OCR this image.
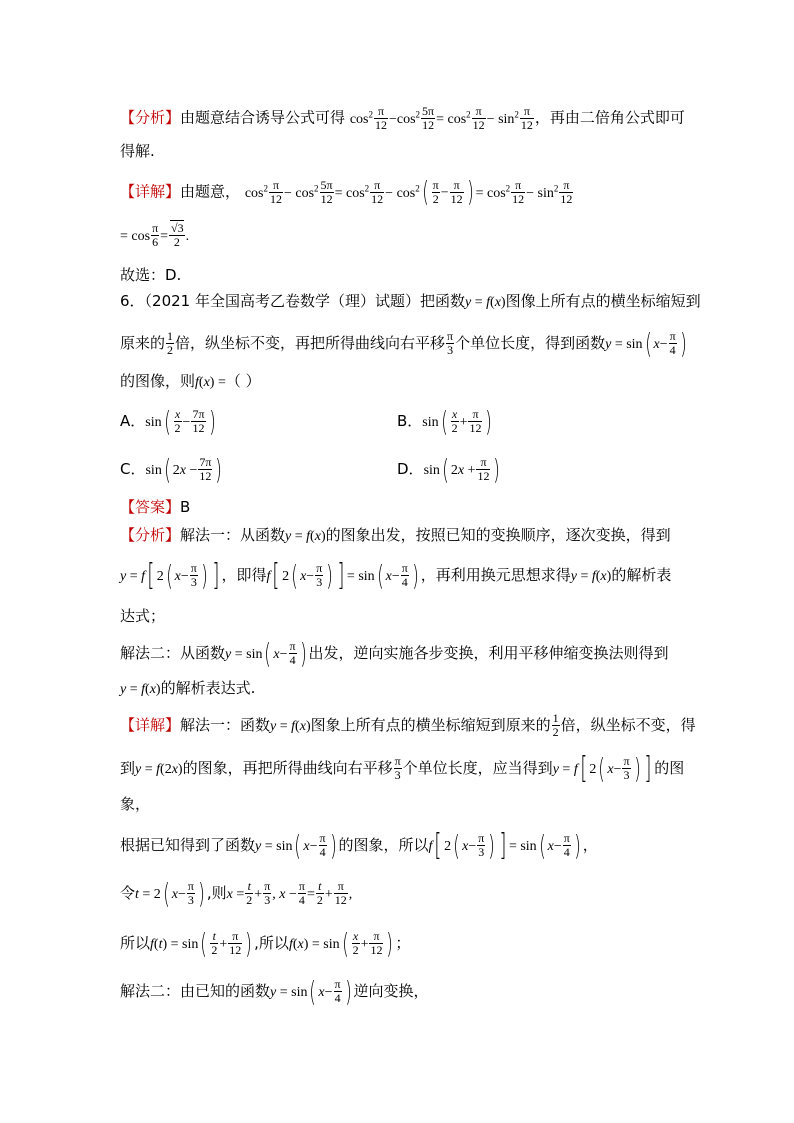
【分析】由题意结合诱导公式可得 $\cos^2 \frac{\pi}{12} -\cos^2 \frac{5\pi}{12} = \cos^2 \frac{\pi}{12} - \sin^2 \frac{\pi}{12}$ ，再由二倍角公式即可
得解.
【详解】由题意， $\cos^2 \frac{\pi}{12} - \cos^2 \frac{5\pi}{12} = \cos^2 \frac{\pi}{12} - \cos^2( \frac{\pi}{2} - \frac{\pi}{12}$ ) = $\cos^2 \frac{\pi}{12} - \sin^2 \frac{\pi}{12}$
= $\cos \frac{\pi}{6} = \frac{√3}{2}$ .
故选：D.
6．（2021 年全国高考乙卷数学（理）试题）把函数y = f(x)图像上所有点的横坐标缩短到
原来的 $\frac{1}{2}$ 倍，纵坐标不变，再把所得曲线向右平移 $\frac{\pi}{3}$ 个单位长度，得到函数y = sin( $x- \frac{\pi}{4}$ )
的图像，则f(x) =（ ）
A．$\sin( \frac{x}{2} - \frac{7\pi}{12}$ )	B．$\sin( \frac{x}{2} + \frac{\pi}{12}$ )
C．sin( $2x - \frac{7\pi}{12}$ )	D．sin( $2x + \frac{\pi}{12}$ )
【答案】B
【分析】解法一：从函数y = f(x)的图象出发，按照已知的变换顺序，逐次变换，得到
y = f[ 2( $x- \frac{\pi}{3}$ ) ] ，即得f[ 2( $x- \frac{\pi}{3}$ ) ] = sin( $x- \frac{\pi}{4}$ ) ，再利用换元思想求得y = f(x)的解析表
达式；
解法二：从函数y = sin( $x- \frac{\pi}{4}$ ) 出发，逆向实施各步变换，利用平移伸缩变换法则得到
y = f(x)的解析表达式.
【详解】解法一：函数y = f(x)图象上所有点的横坐标缩短到原来的 $\frac{1}{2}$ 倍，纵坐标不变，得
到y = f(2x)的图象，再把所得曲线向右平移 $\frac{\pi}{3}$ 个单位长度，应当得到y = f[ 2( $x- \frac{\pi}{3}$ ) ] 的图
象，
根据已知得到了函数y = sin( $x- \frac{\pi}{4}$ ) 的图象，所以f[ 2( $x- \frac{\pi}{3}$ ) ] = sin( $x- \frac{\pi}{4}$ ) ，
令t = 2( $x- \frac{\pi}{3}$ ) ,则$x = \frac{t}{2} + \frac{\pi}{3}$ , $x - \frac{\pi}{4} = \frac{t}{2} + \frac{\pi}{12}$ ,
所以$f(t) = \sin( \frac{t}{2} + \frac{\pi}{12}$ ) ,所以$f(x) = \sin( \frac{x}{2} + \frac{\pi}{12}$ ) ；
解法二：由已知的函数y = sin( $x- \frac{\pi}{4}$ ) 逆向变换，
